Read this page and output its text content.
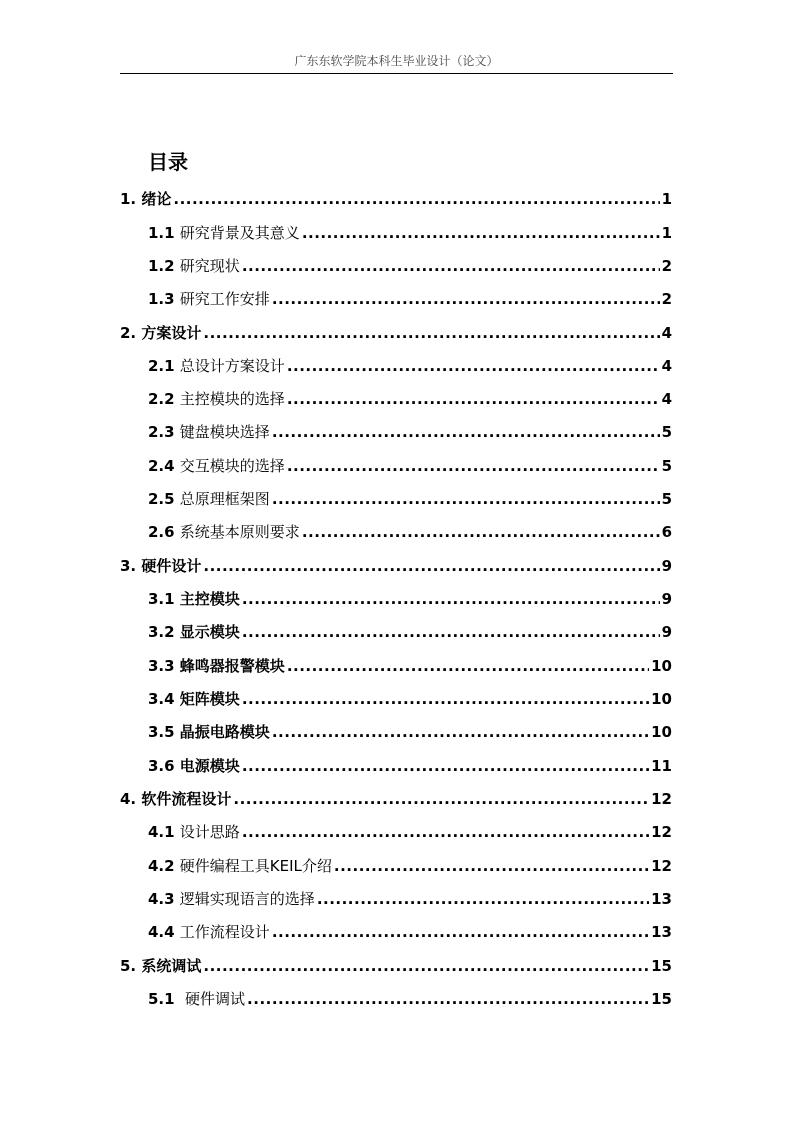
广东东软学院本科生毕业设计（论文）
目录
1. 绪论 .....	1
1.1 研究背景及其意义 .....	1
1.2 研究现状 .....	2
1.3 研究工作安排 .....	2
2. 方案设计 .....	4
2.1 总设计方案设计 .....	4
2.2 主控模块的选择 .....	4
2.3 键盘模块选择 .....	5
2.4 交互模块的选择 .....	5
2.5 总原理框架图 .....	5
2.6 系统基本原则要求 .....	6
3. 硬件设计 .....	9
3.1 主控模块 .....	9
3.2 显示模块 .....	9
3.3 蜂鸣器报警模块 .....	10
3.4 矩阵模块 .....	10
3.5 晶振电路模块 .....	10
3.6 电源模块 .....	11
4. 软件流程设计 .....	12
4.1 设计思路 .....	12
4.2 硬件编程工具KEIL介绍 .....	12
4.3 逻辑实现语言的选择 .....	13
4.4 工作流程设计 .....	13
5. 系统调试 .....	15
5.1 硬件调试 .....	15
